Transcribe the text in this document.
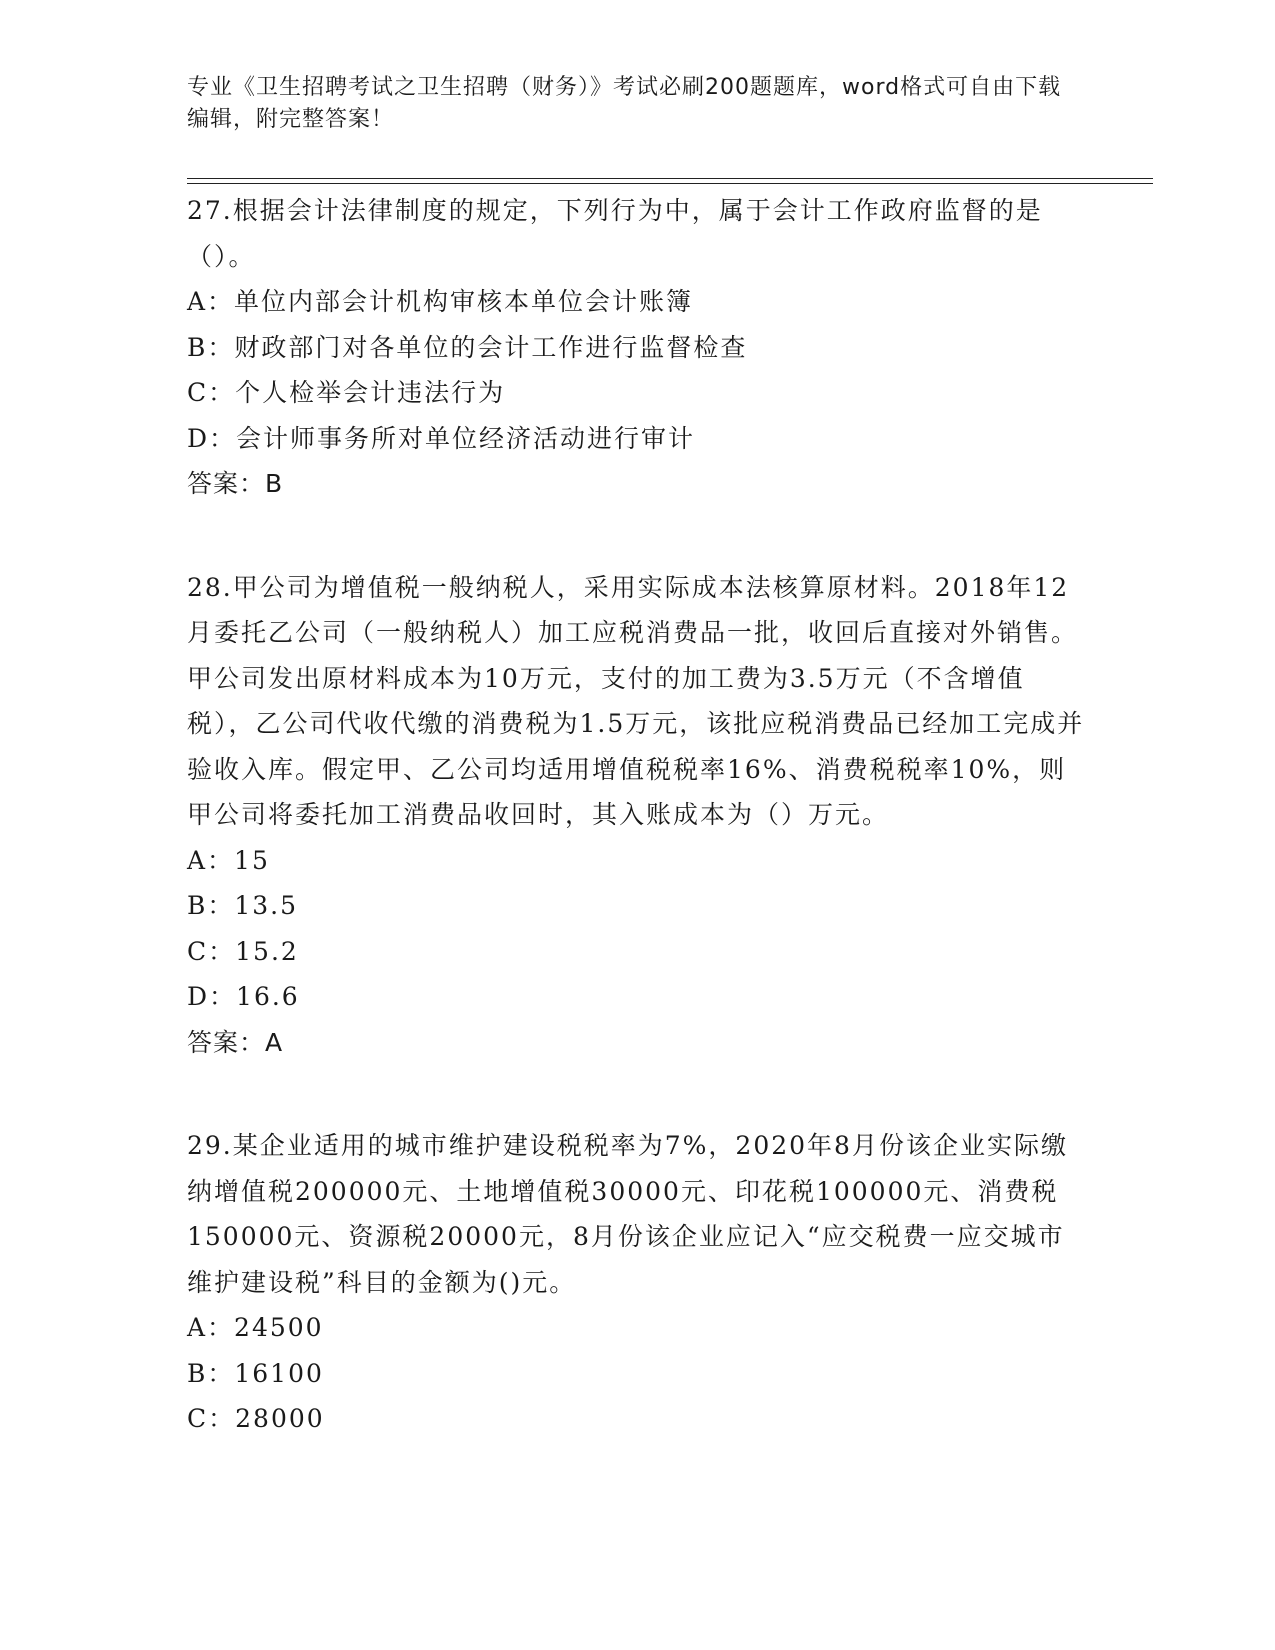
专业《卫生招聘考试之卫生招聘（财务）》考试必刷200题题库，word格式可自由下载编辑，附完整答案！

27.根据会计法律制度的规定，下列行为中，属于会计工作政府监督的是（）。

A：单位内部会计机构审核本单位会计账簿

B：财政部门对各单位的会计工作进行监督检查

C：个人检举会计违法行为

D：会计师事务所对单位经济活动进行审计

答案：B

28.甲公司为增值税一般纳税人，采用实际成本法核算原材料。2018年12月委托乙公司（一般纳税人）加工应税消费品一批，收回后直接对外销售。甲公司发出原材料成本为10万元，支付的加工费为3.5万元（不含增值税），乙公司代收代缴的消费税为1.5万元，该批应税消费品已经加工完成并验收入库。假定甲、乙公司均适用增值税税率16%、消费税税率10%，则甲公司将委托加工消费品收回时，其入账成本为（）万元。

A：15

B：13.5

C：15.2

D：16.6

答案：A

29.某企业适用的城市维护建设税税率为7%，2020年8月份该企业实际缴纳增值税200000元、土地增值税30000元、印花税100000元、消费税150000元、资源税20000元，8月份该企业应记入“应交税费一应交城市维护建设税”科目的金额为()元。

A：24500

B：16100

C：28000
